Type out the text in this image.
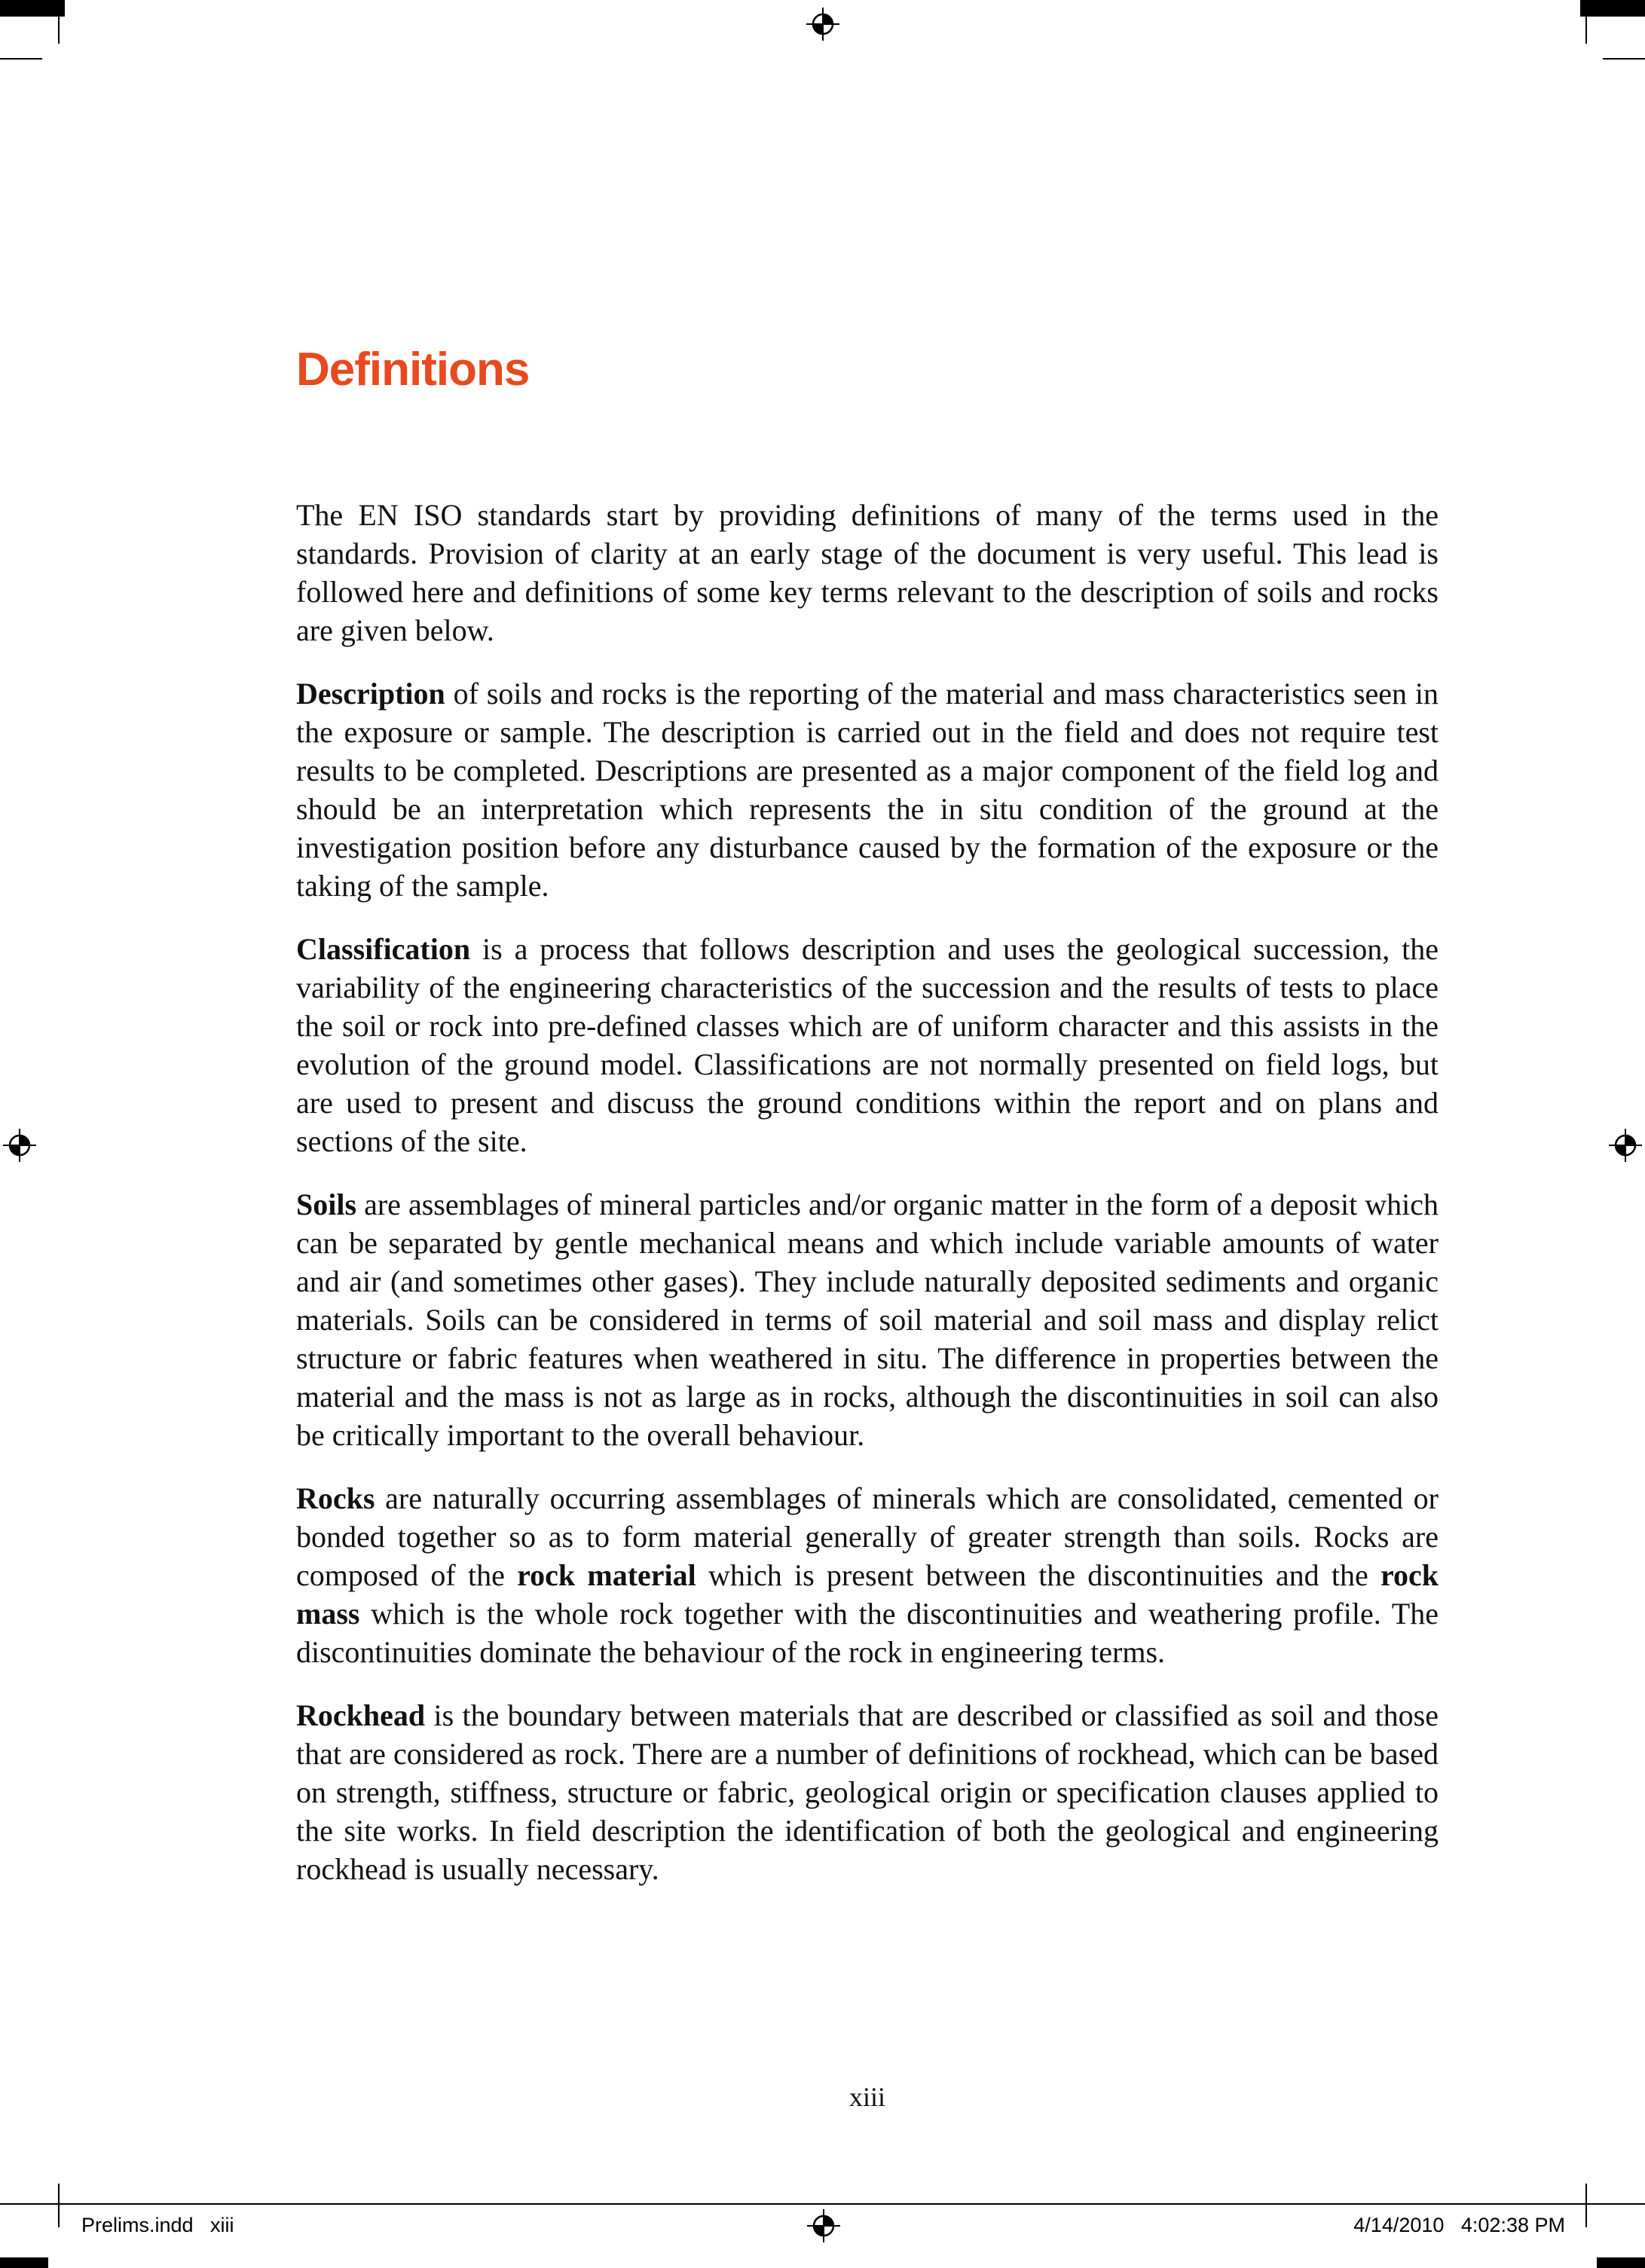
Definitions

The EN ISO standards start by providing definitions of many of the terms used in the standards. Provision of clarity at an early stage of the document is very useful. This lead is followed here and definitions of some key terms relevant to the description of soils and rocks are given below.

Description of soils and rocks is the reporting of the material and mass characteristics seen in the exposure or sample. The description is carried out in the field and does not require test results to be completed. Descriptions are presented as a major component of the field log and should be an interpretation which represents the in situ condition of the ground at the investigation position before any disturbance caused by the formation of the exposure or the taking of the sample.

Classification is a process that follows description and uses the geological succession, the variability of the engineering characteristics of the succession and the results of tests to place the soil or rock into pre-defined classes which are of uniform character and this assists in the evolution of the ground model. Classifications are not normally presented on field logs, but are used to present and discuss the ground conditions within the report and on plans and sections of the site.

Soils are assemblages of mineral particles and/or organic matter in the form of a deposit which can be separated by gentle mechanical means and which include variable amounts of water and air (and sometimes other gases). They include naturally deposited sediments and organic materials. Soils can be considered in terms of soil material and soil mass and display relict structure or fabric features when weathered in situ. The difference in properties between the material and the mass is not as large as in rocks, although the discontinuities in soil can also be critically important to the overall behaviour.

Rocks are naturally occurring assemblages of minerals which are consolidated, cemented or bonded together so as to form material generally of greater strength than soils. Rocks are composed of the rock material which is present between the discontinuities and the rock mass which is the whole rock together with the discontinuities and weathering profile. The discontinuities dominate the behaviour of the rock in engineering terms.

Rockhead is the boundary between materials that are described or classified as soil and those that are considered as rock. There are a number of definitions of rockhead, which can be based on strength, stiffness, structure or fabric, geological origin or specification clauses applied to the site works. In field description the identification of both the geological and engineering rockhead is usually necessary.

xiii
Prelims.indd   xiii	4/14/2010   4:02:38 PM
